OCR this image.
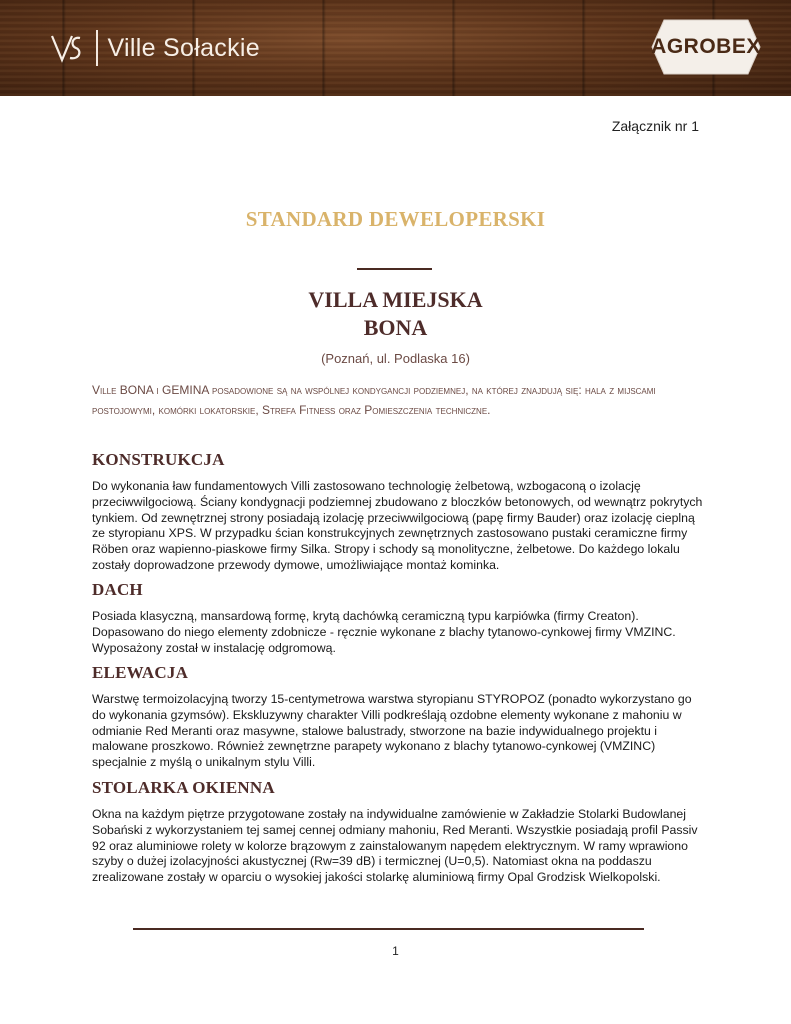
Ville Sołackie	AGROBEX
Załącznik nr 1
STANDARD DEWELOPERSKI
VILLA MIEJSKA
BONA
(Poznań, ul. Podlaska 16)
Ville BONA i GEMINA posadowione są na wspólnej kondygancji podziemnej, na której znajdują się: hala z mijscami postojowymi, komórki lokatorskie, Strefa Fitness oraz Pomieszczenia techniczne.
KONSTRUKCJA
Do wykonania ław fundamentowych Villi zastosowano technologię żelbetową, wzbogaconą o izolację przeciwwilgociową. Ściany kondygnacji podziemnej zbudowano z bloczków betonowych, od wewnątrz pokrytych tynkiem. Od zewnętrznej strony posiadają izolację przeciwwilgociową (papę firmy Bauder) oraz izolację cieplną ze styropianu XPS. W przypadku ścian konstrukcyjnych zewnętrznych zastosowano pustaki ceramiczne firmy Röben oraz wapienno-piaskowe firmy Silka. Stropy i schody są monolityczne, żelbetowe. Do każdego lokalu zostały doprowadzone przewody dymowe, umożliwiające montaż kominka.
DACH
Posiada klasyczną, mansardową formę, krytą dachówką ceramiczną typu karpiówka (firmy Creaton). Dopasowano do niego elementy zdobnicze - ręcznie wykonane z blachy tytanowo-cynkowej firmy VMZINC. Wyposażony został w instalację odgromową.
ELEWACJA
Warstwę termoizolacyjną tworzy 15-centymetrowa warstwa styropianu STYROPOZ (ponadto wykorzystano go do wykonania gzymsów). Ekskluzywny charakter Villi podkreślają ozdobne elementy wykonane z mahoniu w odmianie Red Meranti oraz masywne, stalowe balustrady, stworzone na bazie indywidualnego projektu i malowane proszkowo. Również zewnętrzne parapety wykonano z blachy tytanowo-cynkowej (VMZINC) specjalnie z myślą o unikalnym stylu Villi.
STOLARKA OKIENNA
Okna na każdym piętrze przygotowane zostały na indywidualne zamówienie w Zakładzie Stolarki Budowlanej Sobański z wykorzystaniem tej samej cennej odmiany mahoniu, Red Meranti. Wszystkie posiadają profil Passiv 92 oraz aluminiowe rolety w kolorze brązowym z zainstalowanym napędem elektrycznym. W ramy wprawiono szyby o dużej izolacyjności akustycznej (Rw=39 dB) i termicznej (U=0,5). Natomiast okna na poddaszu zrealizowane zostały w oparciu o wysokiej jakości stolarkę aluminiową firmy Opal Grodzisk Wielkopolski.
1
